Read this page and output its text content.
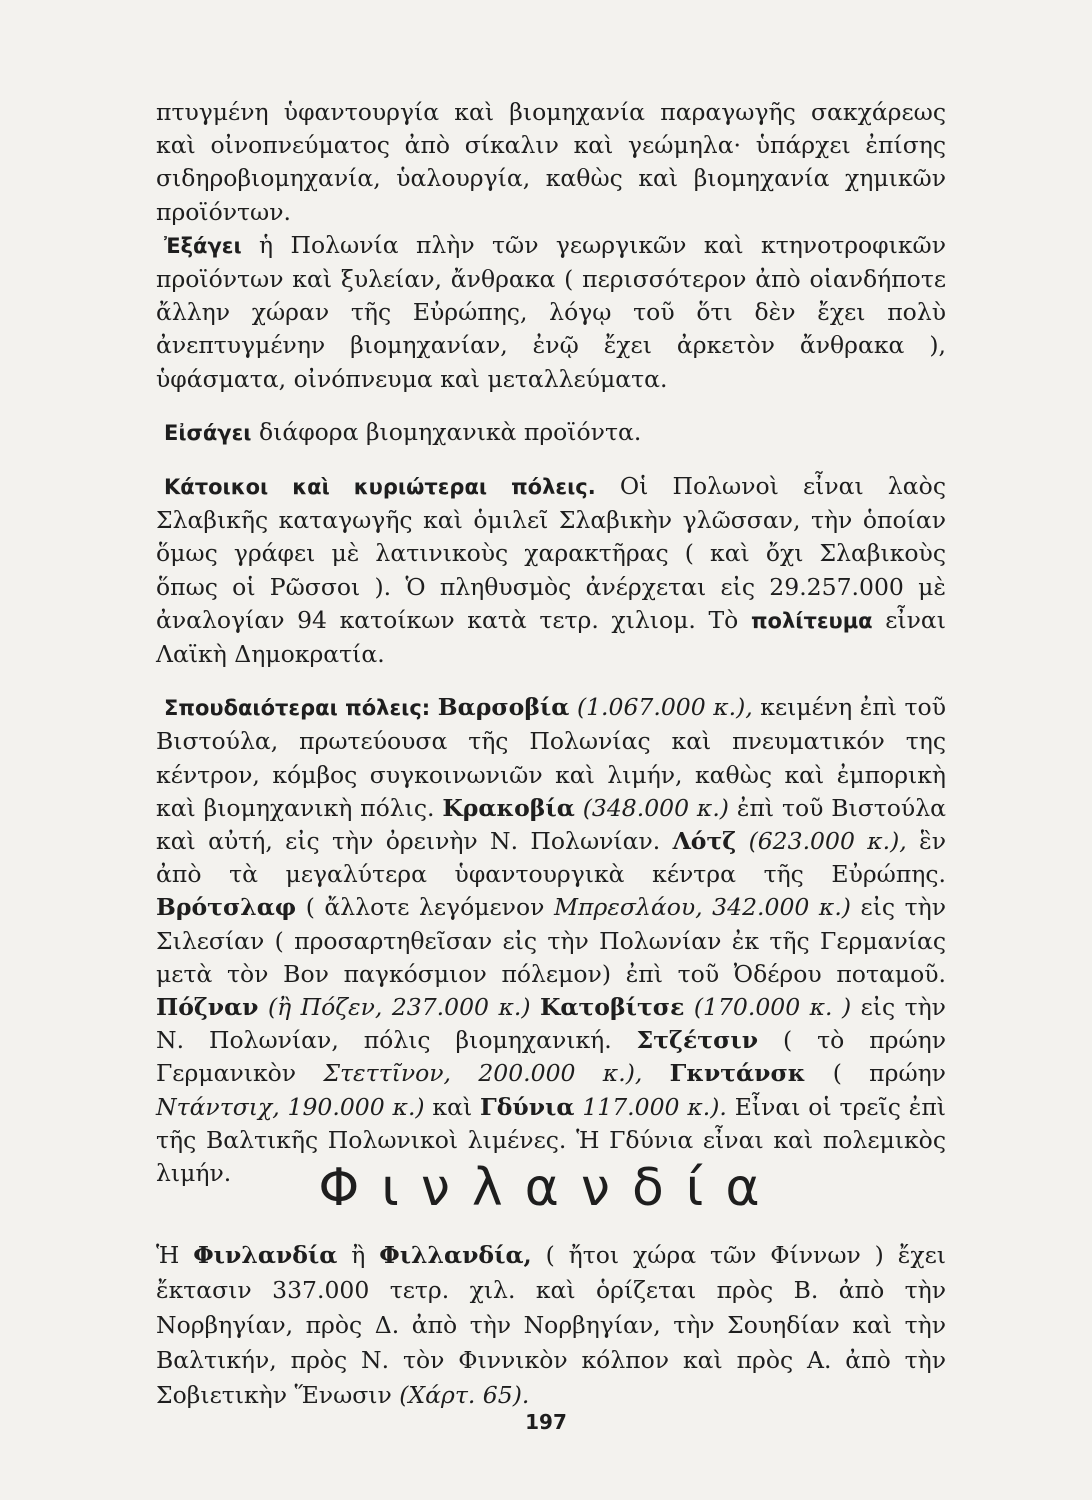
πτυγμένη ὑφαντουργία καὶ βιομηχανία παραγωγῆς σακχάρεως καὶ οἰνοπνεύματος ἀπὸ σίκαλιν καὶ γεώμηλα· ὑπάρχει ἐπίσης σιδηροβιομηχανία, ὑαλουργία, καθὼς καὶ βιομηχανία χημικῶν προϊόντων.

Ἐξάγει ἡ Πολωνία πλὴν τῶν γεωργικῶν καὶ κτηνοτροφικῶν προϊόντων καὶ ξυλείαν, ἄνθρακα ( περισσότερον ἀπὸ οἱανδήποτε ἄλλην χώραν τῆς Εὐρώπης, λόγῳ τοῦ ὅτι δὲν ἔχει πολὺ ἀνεπτυγμένην βιομηχανίαν, ἐνῷ ἔχει ἀρκετὸν ἄνθρακα ), ὑφάσματα, οἰνόπνευμα καὶ μεταλλεύματα.

Εἰσάγει διάφορα βιομηχανικὰ προϊόντα.

Κάτοικοι καὶ κυριώτεραι πόλεις. Οἱ Πολωνοὶ εἶναι λαὸς Σλαβικῆς καταγωγῆς καὶ ὁμιλεῖ Σλαβικὴν γλῶσσαν, τὴν ὁποίαν ὅμως γράφει μὲ λατινικοὺς χαρακτῆρας ( καὶ ὄχι Σλαβικοὺς ὅπως οἱ Ρῶσσοι ). Ὁ πληθυσμὸς ἀνέρχεται εἰς 29.257.000 μὲ ἀναλογίαν 94 κατοίκων κατὰ τετρ. χιλιομ. Τὸ πολίτευμα εἶναι Λαϊκὴ Δημοκρατία.

Σπουδαιότεραι πόλεις: Βαρσοβία (1.067.000 κ.), κειμένη ἐπὶ τοῦ Βιστούλα, πρωτεύουσα τῆς Πολωνίας καὶ πνευματικόν της κέντρον, κόμβος συγκοινωνιῶν καὶ λιμήν, καθὼς καὶ ἐμπορικὴ καὶ βιομηχανικὴ πόλις. Κρακοβία (348.000 κ.) ἐπὶ τοῦ Βιστούλα καὶ αὐτή, εἰς τὴν ὀρεινὴν Ν. Πολωνίαν. Λότζ (623.000 κ.), ἓν ἀπὸ τὰ μεγαλύτερα ὑφαντουργικὰ κέντρα τῆς Εὐρώπης. Βρότσλαφ ( ἄλλοτε λεγόμενον Μπρεσλάου, 342.000 κ.) εἰς τὴν Σιλεσίαν ( προσαρτηθεῖσαν εἰς τὴν Πολωνίαν ἐκ τῆς Γερμανίας μετὰ τὸν Βον παγκόσμιον πόλεμον) ἐπὶ τοῦ Ὀδέρου ποταμοῦ. Πόζναν (ἢ Πόζεν, 237.000 κ.) Κατοβίτσε (170.000 κ. ) εἰς τὴν Ν. Πολωνίαν, πόλις βιομηχανική. Στζέτσιν ( τὸ πρώην Γερμανικὸν Στεττῖνον, 200.000 κ.), Γκντάνσκ ( πρώην Ντάντσιχ, 190.000 κ.) καὶ Γδύνια 117.000 κ.). Εἶναι οἱ τρεῖς ἐπὶ τῆς Βαλτικῆς Πολωνικοὶ λιμένες. Ἡ Γδύνια εἶναι καὶ πολεμικὸς λιμήν.	Φινλανδία

Ἡ Φινλανδία ἢ Φιλλανδία, ( ἤτοι χώρα τῶν Φίννων ) ἔχει ἔκτασιν 337.000 τετρ. χιλ. καὶ ὁρίζεται πρὸς Β. ἀπὸ τὴν Νορβηγίαν, πρὸς Δ. ἀπὸ τὴν Νορβηγίαν, τὴν Σουηδίαν καὶ τὴν Βαλτικήν, πρὸς Ν. τὸν Φιννικὸν κόλπον καὶ πρὸς Α. ἀπὸ τὴν Σοβιετικὴν Ἕνωσιν (Χάρτ. 65).

197
